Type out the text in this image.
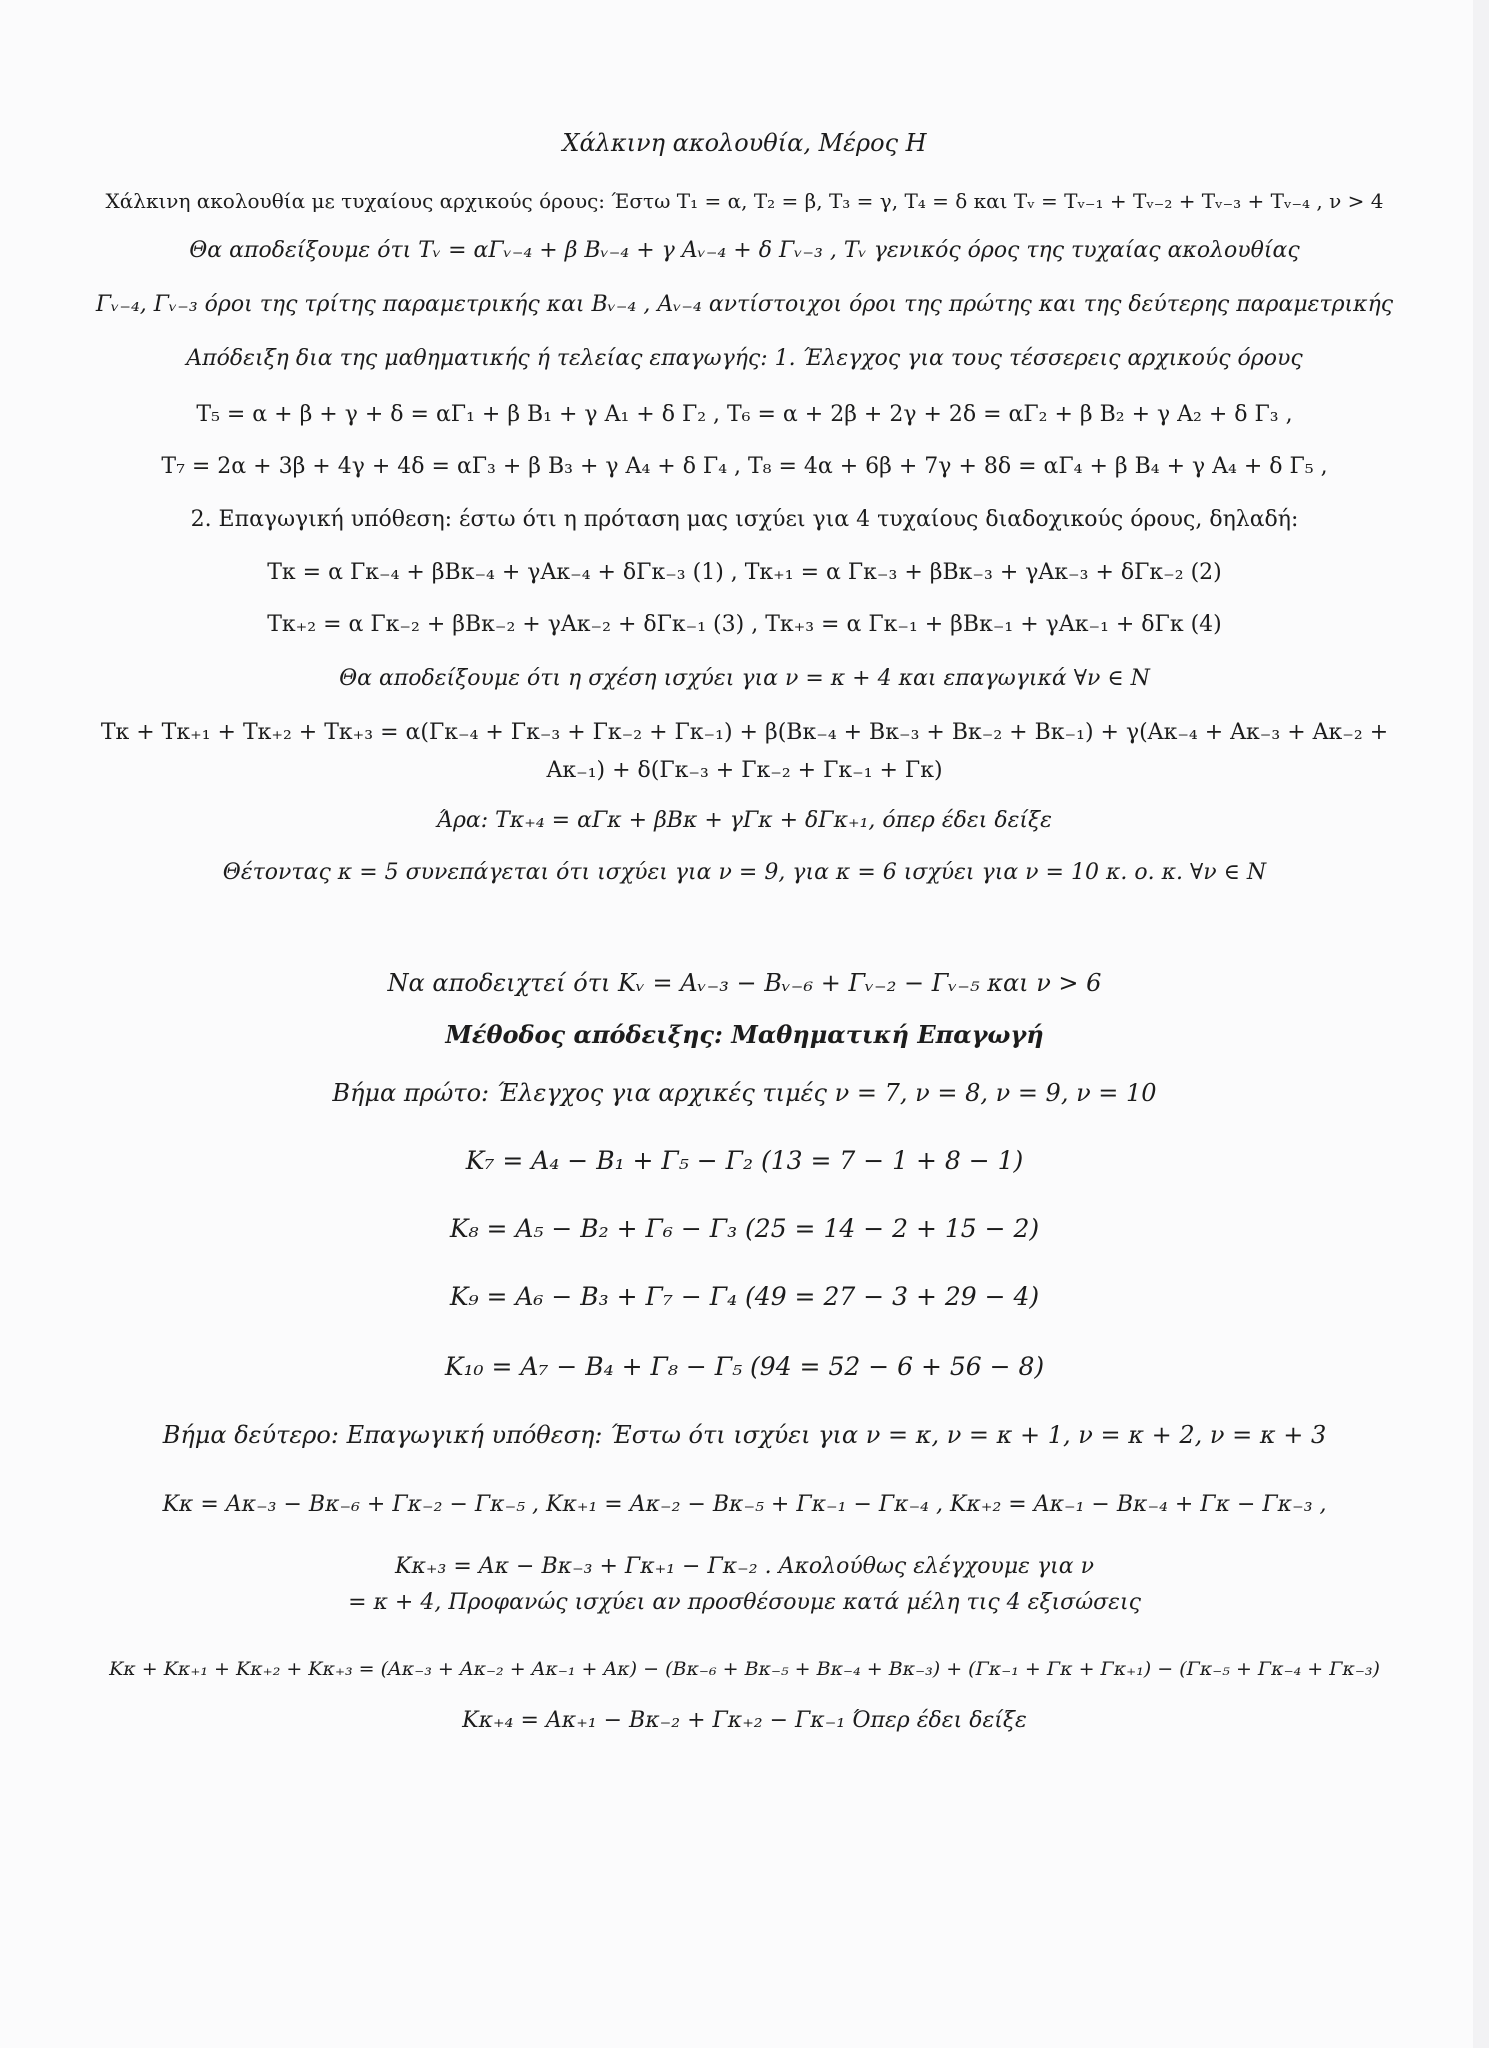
Χάλκινη ακολουθία, Μέρος Η
Χάλκινη ακολουθία με τυχαίους αρχικούς όρους: Έστω T₁ = α, T₂ = β, T₃ = γ, T₄ = δ και Tᵥ = Tᵥ₋₁ + Tᵥ₋₂ + Tᵥ₋₃ + Tᵥ₋₄ , ν > 4
Θα αποδείξουμε ότι Tᵥ = αΓᵥ₋₄ + β Bᵥ₋₄ + γ Aᵥ₋₄ + δ Γᵥ₋₃ , Tᵥ γενικός όρος της τυχαίας ακολουθίας
Γᵥ₋₄, Γᵥ₋₃ όροι της τρίτης παραμετρικής και Bᵥ₋₄ , Aᵥ₋₄ αντίστοιχοι όροι της πρώτης και της δεύτερης παραμετρικής
Απόδειξη δια της μαθηματικής ή τελείας επαγωγής: 1. Έλεγχος για τους τέσσερεις αρχικούς όρους
T₅ = α + β + γ + δ = αΓ₁ + β B₁ + γ A₁ + δ Γ₂ , T₆ = α + 2β + 2γ + 2δ = αΓ₂ + β B₂ + γ A₂ + δ Γ₃ ,
T₇ = 2α + 3β + 4γ + 4δ = αΓ₃ + β B₃ + γ A₄ + δ Γ₄ , T₈ = 4α + 6β + 7γ + 8δ = αΓ₄ + β B₄ + γ A₄ + δ Γ₅ ,
2. Επαγωγική υπόθεση: έστω ότι η πρόταση μας ισχύει για 4 τυχαίους διαδοχικούς όρους, δηλαδή:
Tκ = α Γκ₋₄ + βBκ₋₄ + γAκ₋₄ + δΓκ₋₃ (1) , Tκ₊₁ = α Γκ₋₃ + βBκ₋₃ + γAκ₋₃ + δΓκ₋₂ (2)
Tκ₊₂ = α Γκ₋₂ + βBκ₋₂ + γAκ₋₂ + δΓκ₋₁ (3) , Tκ₊₃ = α Γκ₋₁ + βBκ₋₁ + γAκ₋₁ + δΓκ (4)
Θα αποδείξουμε ότι η σχέση ισχύει για ν = κ + 4 και επαγωγικά ∀ν ∈ N
Tκ + Tκ₊₁ + Tκ₊₂ + Tκ₊₃ = α(Γκ₋₄ + Γκ₋₃ + Γκ₋₂ + Γκ₋₁) + β(Bκ₋₄ + Bκ₋₃ + Bκ₋₂ + Bκ₋₁) + γ(Aκ₋₄ + Aκ₋₃ + Aκ₋₂ +
Aκ₋₁) + δ(Γκ₋₃ + Γκ₋₂ + Γκ₋₁ + Γκ)
Άρα: Tκ₊₄ = αΓκ + βBκ + γΓκ + δΓκ₊₁, όπερ έδει δείξε
Θέτοντας κ = 5 συνεπάγεται ότι ισχύει για ν = 9, για κ = 6 ισχύει για ν = 10 κ. ο. κ. ∀ν ∈ N
Να αποδειχτεί ότι Kᵥ = Aᵥ₋₃ − Bᵥ₋₆ + Γᵥ₋₂ − Γᵥ₋₅ και ν > 6
Μέθοδος απόδειξης: Μαθηματική Επαγωγή
Βήμα πρώτο: Έλεγχος για αρχικές τιμές ν = 7, ν = 8, ν = 9, ν = 10
K₇ = A₄ − B₁ + Γ₅ − Γ₂ (13 = 7 − 1 + 8 − 1)
K₈ = A₅ − B₂ + Γ₆ − Γ₃ (25 = 14 − 2 + 15 − 2)
K₉ = A₆ − B₃ + Γ₇ − Γ₄ (49 = 27 − 3 + 29 − 4)
K₁₀ = A₇ − B₄ + Γ₈ − Γ₅ (94 = 52 − 6 + 56 − 8)
Βήμα δεύτερο: Επαγωγική υπόθεση: Έστω ότι ισχύει για ν = κ, ν = κ + 1, ν = κ + 2, ν = κ + 3
Kκ = Aκ₋₃ − Bκ₋₆ + Γκ₋₂ − Γκ₋₅ , Kκ₊₁ = Aκ₋₂ − Bκ₋₅ + Γκ₋₁ − Γκ₋₄ , Kκ₊₂ = Aκ₋₁ − Bκ₋₄ + Γκ − Γκ₋₃ ,
Kκ₊₃ = Aκ − Bκ₋₃ + Γκ₊₁ − Γκ₋₂ . Ακολούθως ελέγχουμε για ν
= κ + 4, Προφανώς ισχύει αν προσθέσουμε κατά μέλη τις 4 εξισώσεις
Kκ + Kκ₊₁ + Kκ₊₂ + Kκ₊₃ = (Aκ₋₃ + Aκ₋₂ + Aκ₋₁ + Aκ) − (Bκ₋₆ + Bκ₋₅ + Bκ₋₄ + Bκ₋₃) + (Γκ₋₁ + Γκ + Γκ₊₁) − (Γκ₋₅ + Γκ₋₄ + Γκ₋₃)
Kκ₊₄ = Aκ₊₁ − Bκ₋₂ + Γκ₊₂ − Γκ₋₁ Όπερ έδει δείξε
